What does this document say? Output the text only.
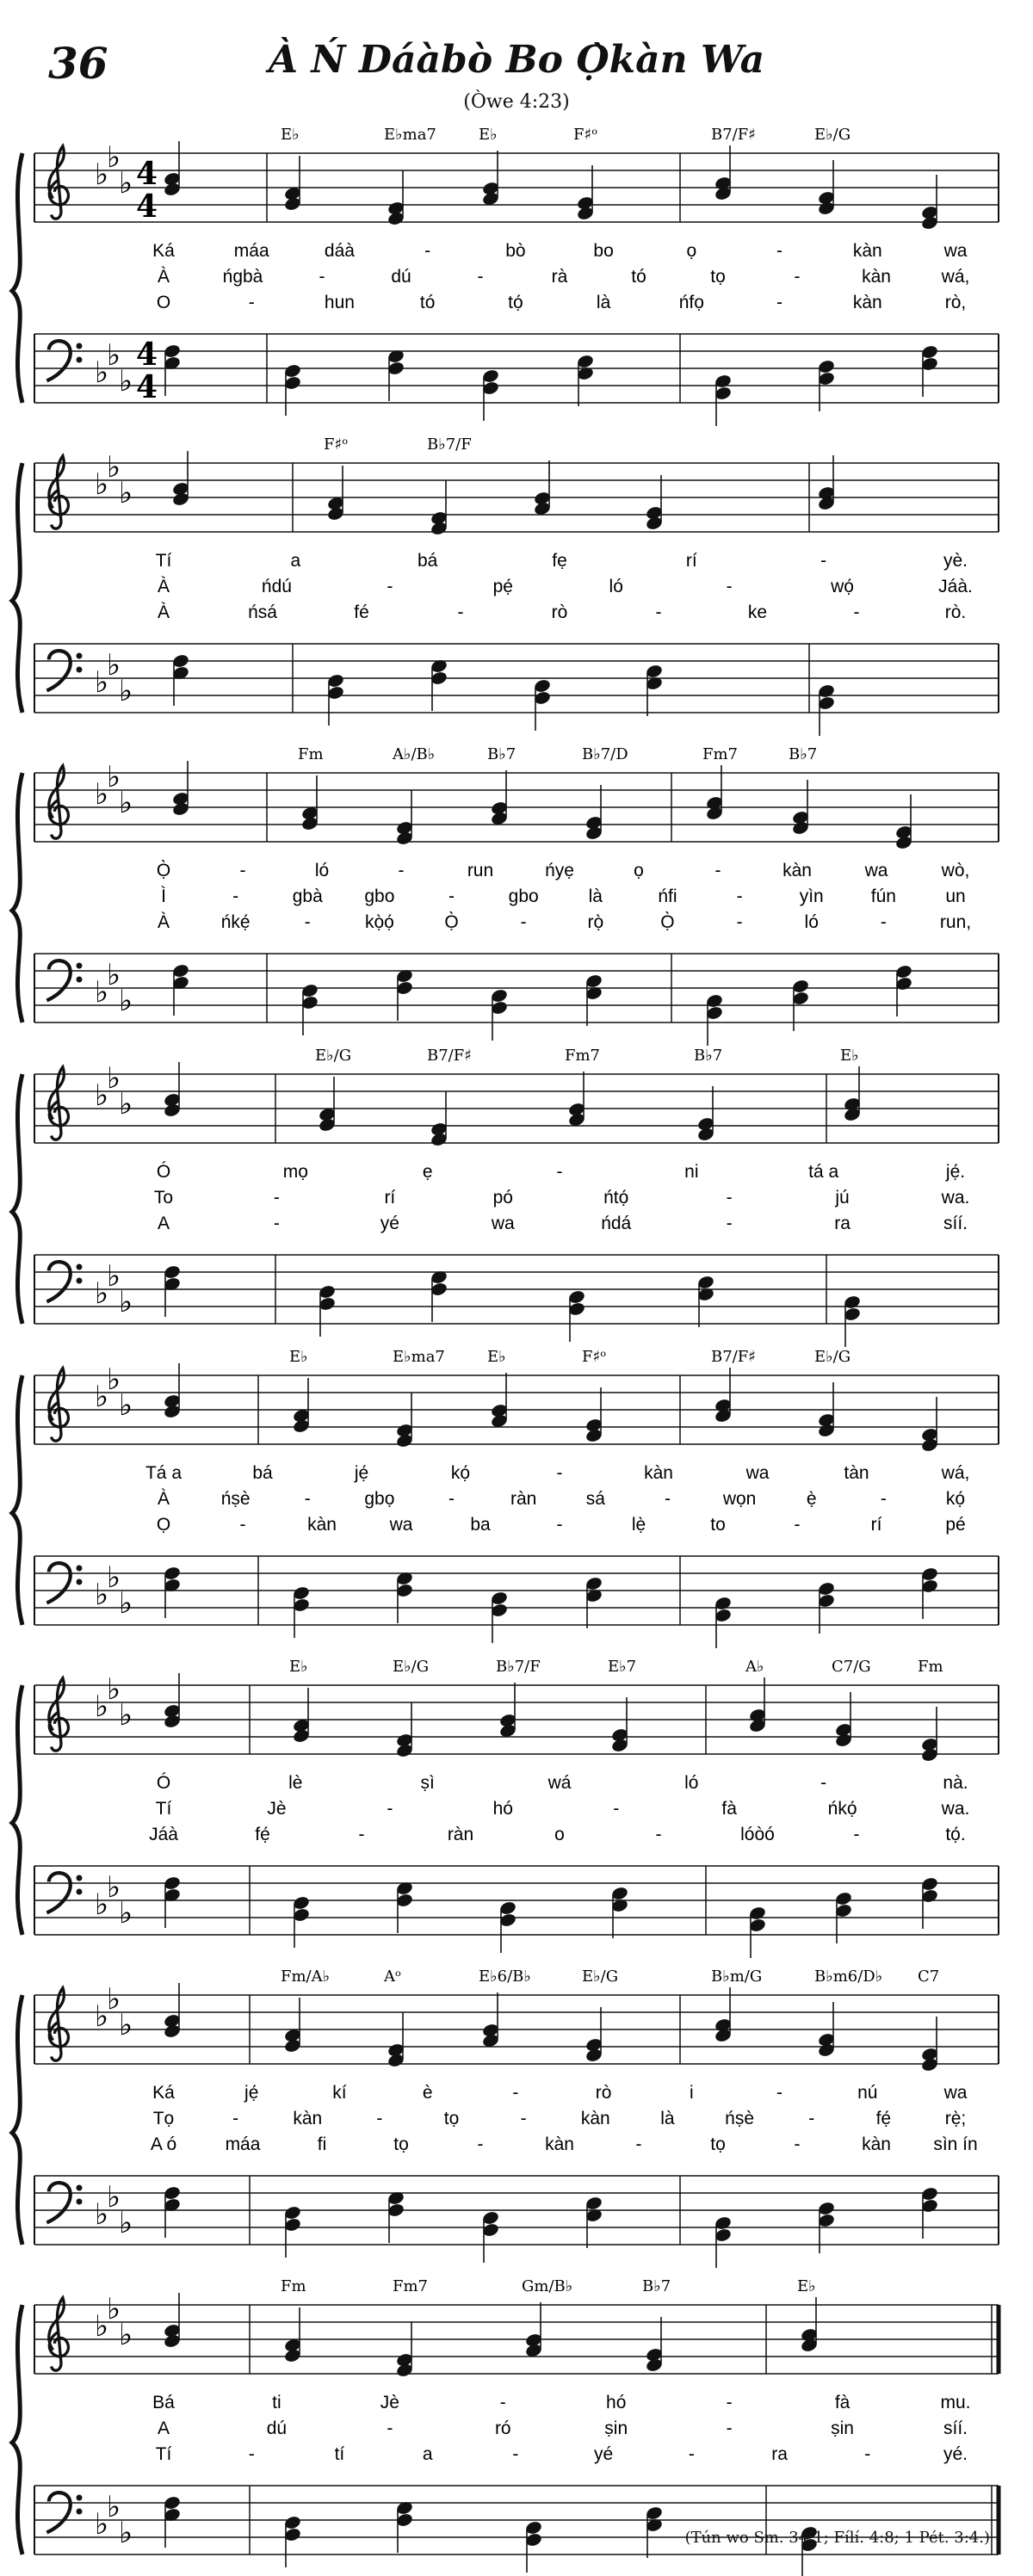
36	À Ń Dáàbò Bo Ọ̀kàn Wa
(Òwe 4:23)
♭
♭
♭ 4
4
♭
♭
♭
4
4
E♭	E♭ma7	E♭	F♯ᵒ	B7/F♯	E♭/G
Ká	máa	dáà	-	bò	bo	ọ	-	kàn	wa
À	ńgbà	-	dú	-	rà	tó	tọ	-	kàn	wá,
O	-	hun	tó	tọ́	là	ńfọ	-	kàn	rò,
♭
♭
♭
♭
♭
♭
F♯ᵒ	B♭7/F
Tí	a	bá	fẹ	rí	-	yè.
À	ńdú	-	pẹ́	ló	-	wọ́	Jáà.
À	ńsá	fé	-	rò	-	ke	-	rò.
♭
♭
♭
♭
♭
♭
Fm	A♭/B♭	B♭7	B♭7/D	Fm7	B♭7
Ọ̀	-	ló	-	run	ńyẹ	ọ	-	kàn	wa	wò,
Ì	-	gbà gbo	-	gbo	là	ńfi	-	yìn	fún	un
À	ńkẹ́	-	kọ̀ọ́	Ọ̀	-	rọ̀	Ọ̀	-	ló	-	run,
♭
♭
♭
♭
♭
♭
E♭/G	B7/F♯	Fm7	B♭7	E♭
Ó	mọ	ẹ	-	ni	tá a	jẹ́.
To	-	rí	pó	ńtọ́	-	jú	wa.
A	-	yé	wa	ńdá	-	ra	síí.
♭
♭
♭
♭
♭
♭
E♭	E♭ma7	E♭	F♯ᵒ	B7/F♯	E♭/G
Tá a	bá	jẹ́	kọ́	-	kàn	wa	tàn	wá,
À	ńṣè	-	gbọ	-	ràn	sá	-	wọn	ẹ̀	-	kọ́
Ọ	-	kàn	wa	ba	-	lẹ̀	to	-	rí	pé
♭
♭
♭
♭
♭
♭
E♭	E♭/G	B♭7/F	E♭7	A♭	C7/G	Fm
Ó	lè	ṣì	wá	ló	-	nà.
Tí	Jè	-	hó	-	fà	ńkọ́	wa.
Jáà	fẹ́	-	ràn	o	-	lóòó	-	tọ́.
♭
♭
♭
♭
♭
♭
Fm/A♭	Aᵒ	E♭6/B♭	E♭/G	B♭m/G	B♭m6/D♭ C7
Ká	jẹ́	kí	è	-	rò	i	-	nú	wa
Tọ	-	kàn	-	tọ	-	kàn	là	ńṣè	-	fẹ́	rẹ̀;
A ó	máa	fi	tọ	-	kàn	-	tọ	-	kàn sìn ín
♭
♭
♭
♭
♭
♭
Fm	Fm7	Gm/B♭	B♭7	E♭
Bá	ti	Jè	-	hó	-	fà	mu.
A	dú	-	ró	ṣin	-	ṣin	síí.
Tí	-	tí	a	-	yé	-	ra	-	yé.
(Tún wo Sm. 34:1; Fílí. 4:8; 1 Pét. 3:4.)
